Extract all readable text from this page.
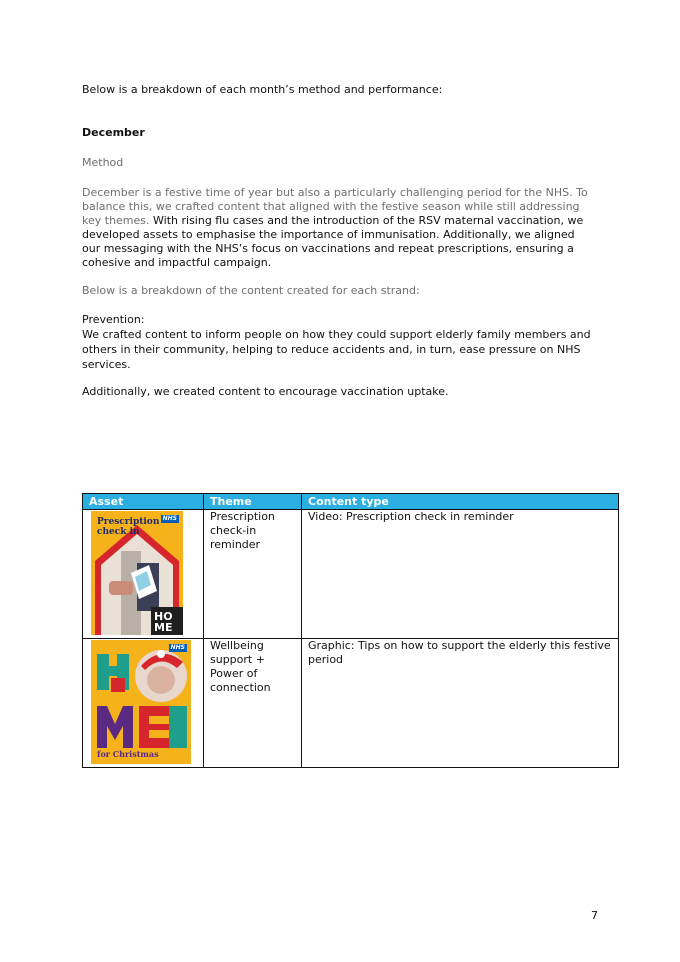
Below is a breakdown of each month’s method and performance:
December
Method
December is a festive time of year but also a particularly challenging period for the NHS. To balance this, we crafted content that aligned with the festive season while still addressing key themes. With rising flu cases and the introduction of the RSV maternal vaccination, we developed assets to emphasise the importance of immunisation. Additionally, we aligned our messaging with the NHS’s focus on vaccinations and repeat prescriptions, ensuring a cohesive and impactful campaign.
Below is a breakdown of the content created for each strand:
Prevention:
We crafted content to inform people on how they could support elderly family members and others in their community, helping to reduce accidents and, in turn, ease pressure on NHS services.
Additionally, we created content to encourage vaccination uptake.
Asset	Theme	Content type

Prescription check in
NHS
HO ME	Prescription check-in reminder	Video: Prescription check in reminder

NHS
for Christmas	Wellbeing support + Power of connection	Graphic: Tips on how to support the elderly this festive period
7
